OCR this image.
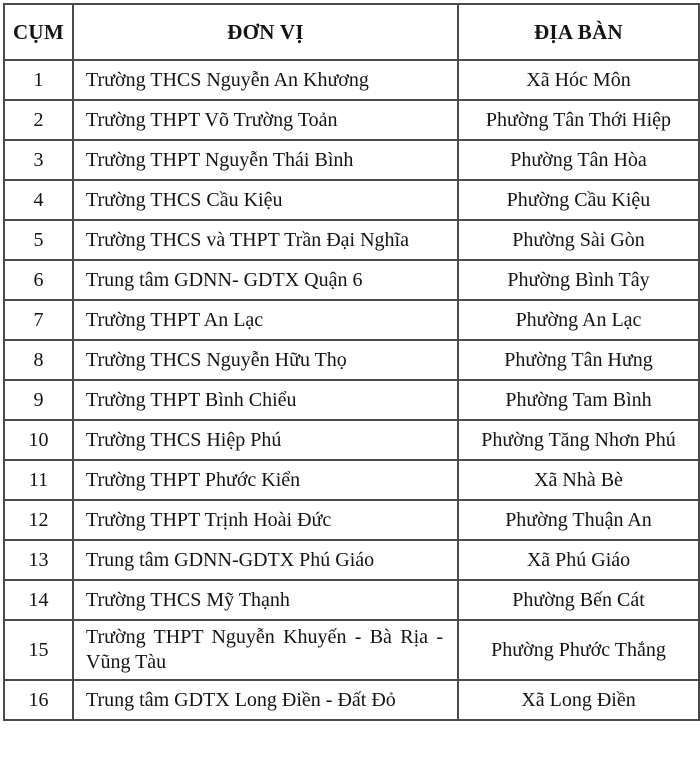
CỤM	ĐƠN VỊ	ĐỊA BÀN
1	Trường THCS Nguyễn An Khương	Xã Hóc Môn
2	Trường THPT Võ Trường Toản	Phường Tân Thới Hiệp
3	Trường THPT Nguyễn Thái Bình	Phường Tân Hòa
4	Trường THCS Cầu Kiệu	Phường Cầu Kiệu
5	Trường THCS và THPT Trần Đại Nghĩa	Phường Sài Gòn
6	Trung tâm GDNN- GDTX Quận 6	Phường Bình Tây
7	Trường THPT An Lạc	Phường An Lạc
8	Trường THCS Nguyễn Hữu Thọ	Phường Tân Hưng
9	Trường THPT Bình Chiểu	Phường Tam Bình
10	Trường THCS Hiệp Phú	Phường Tăng Nhơn Phú
11	Trường THPT Phước Kiển	Xã Nhà Bè
12	Trường THPT Trịnh Hoài Đức	Phường Thuận An
13	Trung tâm GDNN-GDTX Phú Giáo	Xã Phú Giáo
14	Trường THCS Mỹ Thạnh	Phường Bến Cát
15	Trường THPT Nguyễn Khuyến - Bà Rịa - Vũng Tàu	Phường Phước Thắng
16	Trung tâm GDTX Long Điền - Đất Đỏ	Xã Long Điền
